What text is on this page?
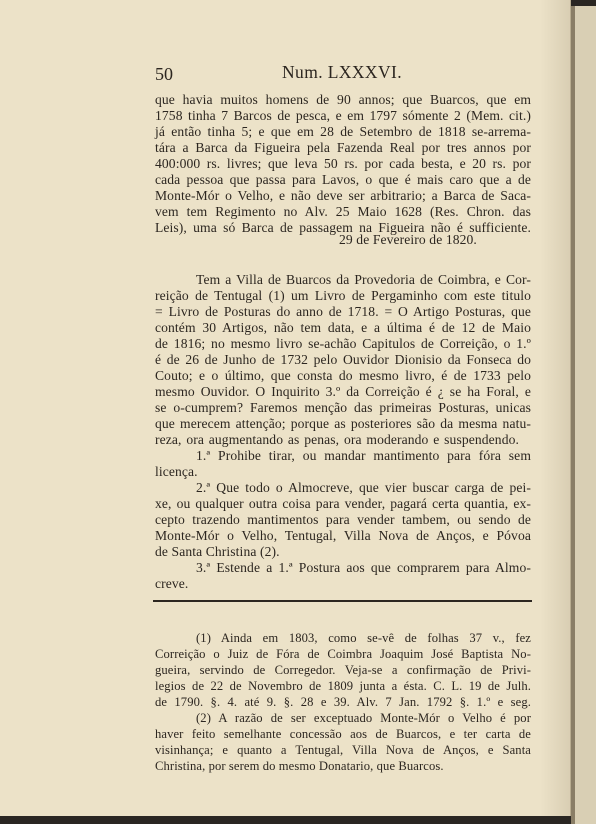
50	Num. LXXXVI.
que havia muitos homens de 90 annos; que Buarcos, que em
1758 tinha 7 Barcos de pesca, e em 1797 sómente 2 (Mem. cit.)
já então tinha 5; e que em 28 de Setembro de 1818 se-arrema-
tára a Barca da Figueira pela Fazenda Real por tres annos por
400:000 rs. livres; que leva 50 rs. por cada besta, e 20 rs. por
cada pessoa que passa para Lavos, o que é mais caro que a de
Monte-Mór o Velho, e não deve ser arbitrario; a Barca de Saca-
vem tem Regimento no Alv. 25 Maio 1628 (Res. Chron. das
Leis), uma só Barca de passagem na Figueira não é sufficiente.
29 de Fevereiro de 1820.
Tem a Villa de Buarcos da Provedoria de Coimbra, e Cor-
reição de Tentugal (1) um Livro de Pergaminho com este titulo
= Livro de Posturas do anno de 1718. = O Artigo Posturas, que
contém 30 Artigos, não tem data, e a última é de 12 de Maio
de 1816; no mesmo livro se-achão Capitulos de Correição, o 1.º
é de 26 de Junho de 1732 pelo Ouvidor Dionisio da Fonseca do
Couto; e o último, que consta do mesmo livro, é de 1733 pelo
mesmo Ouvidor. O Inquirito 3.º da Correição é ¿ se ha Foral, e
se o-cumprem? Faremos menção das primeiras Posturas, unicas
que merecem attenção; porque as posteriores são da mesma natu-
reza, ora augmentando as penas, ora moderando e suspendendo.
1.ª Prohibe tirar, ou mandar mantimento para fóra sem
licença.
2.ª Que todo o Almocreve, que vier buscar carga de pei-
xe, ou qualquer outra coisa para vender, pagará certa quantia, ex-
cepto trazendo mantimentos para vender tambem, ou sendo de
Monte-Mór o Velho, Tentugal, Villa Nova de Anços, e Póvoa
de Santa Christina (2).
3.ª Estende a 1.ª Postura aos que comprarem para Almo-
creve.
(1) Ainda em 1803, como se-vê de folhas 37 v., fez
Correição o Juiz de Fóra de Coimbra Joaquim José Baptista No-
gueira, servindo de Corregedor. Veja-se a confirmação de Privi-
legios de 22 de Novembro de 1809 junta a ésta. C. L. 19 de Julh.
de 1790. §. 4. até 9. §. 28 e 39. Alv. 7 Jan. 1792 §. 1.º e seg.
(2) A razão de ser exceptuado Monte-Mór o Velho é por
haver feito semelhante concessão aos de Buarcos, e ter carta de
visinhança; e quanto a Tentugal, Villa Nova de Anços, e Santa
Christina, por serem do mesmo Donatario, que Buarcos.
